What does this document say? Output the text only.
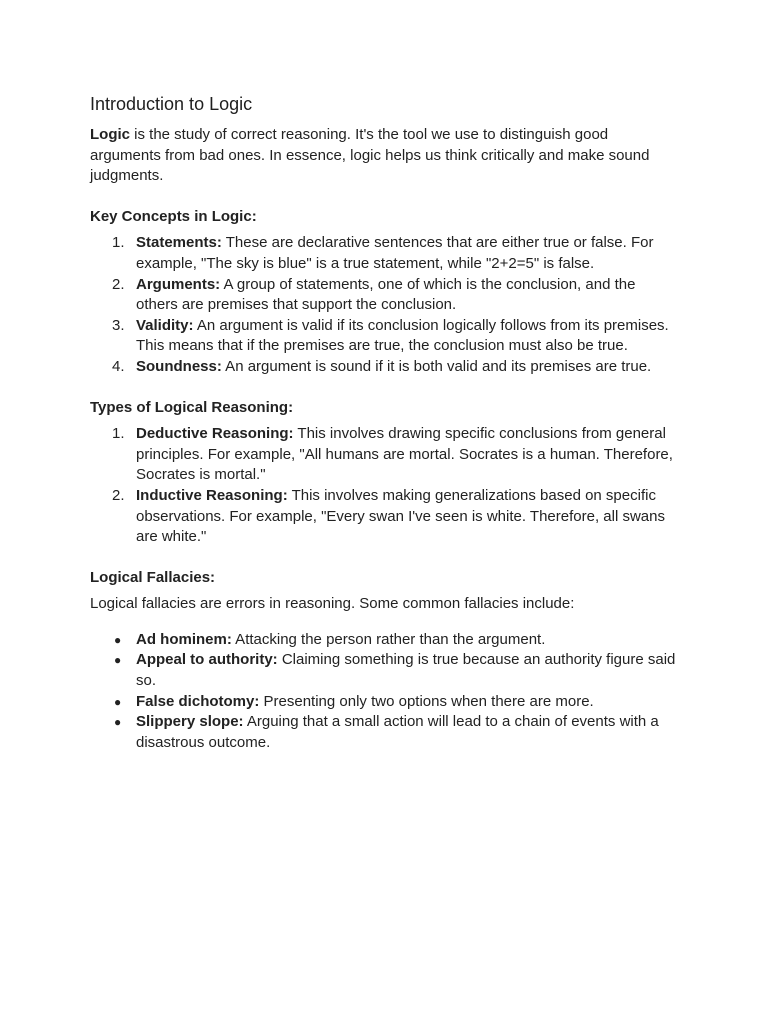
Introduction to Logic

Logic is the study of correct reasoning. It's the tool we use to distinguish good arguments from bad ones. In essence, logic helps us think critically and make sound judgments.

Key Concepts in Logic:
1. Statements: These are declarative sentences that are either true or false. For example, "The sky is blue" is a true statement, while "2+2=5" is false.
2. Arguments: A group of statements, one of which is the conclusion, and the others are premises that support the conclusion.
3. Validity: An argument is valid if its conclusion logically follows from its premises. This means that if the premises are true, the conclusion must also be true.
4. Soundness: An argument is sound if it is both valid and its premises are true.
Types of Logical Reasoning:
1. Deductive Reasoning: This involves drawing specific conclusions from general principles. For example, "All humans are mortal. Socrates is a human. Therefore, Socrates is mortal."
2. Inductive Reasoning: This involves making generalizations based on specific observations. For example, "Every swan I've seen is white. Therefore, all swans are white."
Logical Fallacies:

Logical fallacies are errors in reasoning. Some common fallacies include:

● Ad hominem: Attacking the person rather than the argument.
● Appeal to authority: Claiming something is true because an authority figure said so.
● False dichotomy: Presenting only two options when there are more.
● Slippery slope: Arguing that a small action will lead to a chain of events with a disastrous outcome.
